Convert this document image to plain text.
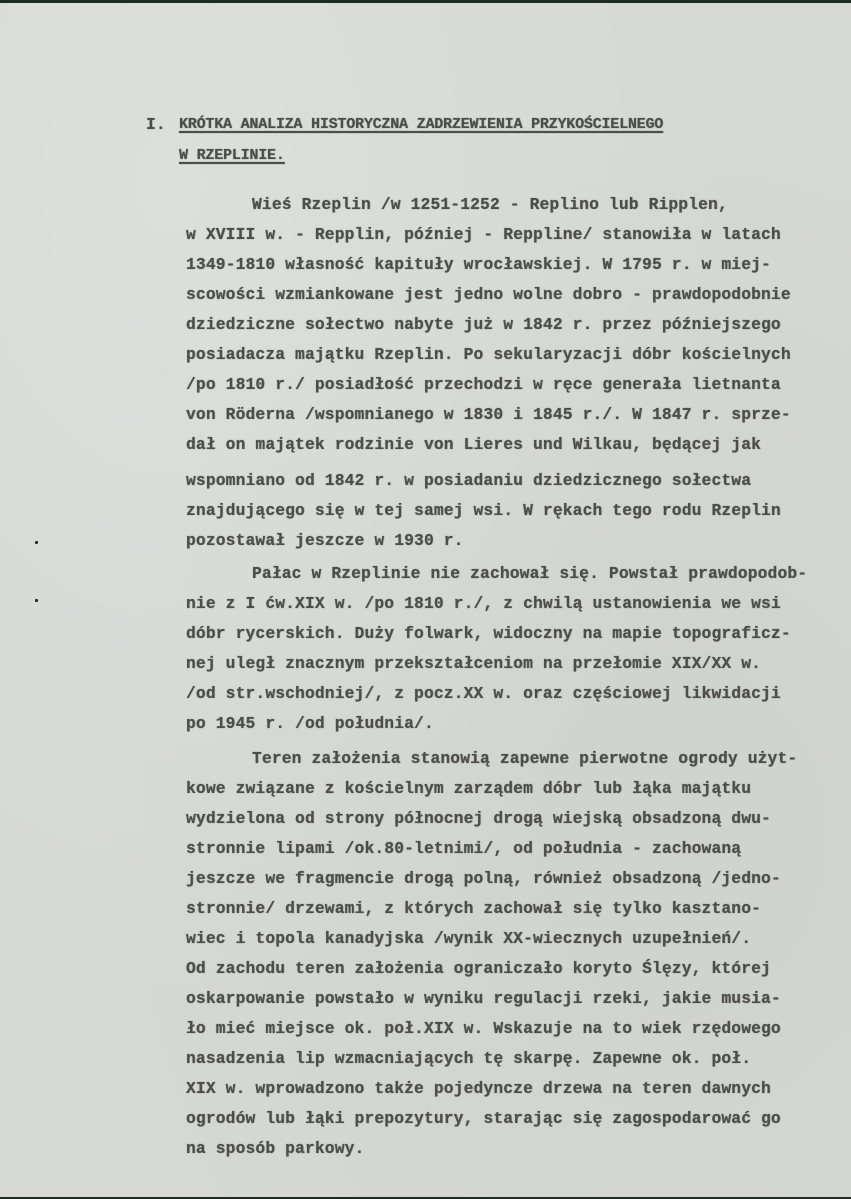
I. KRÓTKA ANALIZA HISTORYCZNA ZADRZEWIENIA PRZYKOŚCIELNEGO
W RZEPLINIE.
Wieś Rzeplin /w 1251-1252 - Replino lub Ripplen,
w XVIII w. - Repplin, później - Reppline/ stanowiła w latach
1349-1810 własność kapituły wrocławskiej. W 1795 r. w miej-
scowości wzmiankowane jest jedno wolne dobro - prawdopodobnie
dziedziczne sołectwo nabyte już w 1842 r. przez późniejszego
posiadacza majątku Rzeplin. Po sekularyzacji dóbr kościelnych
/po 1810 r./ posiadłość przechodzi w ręce generała lietnanta
von Rödernа /wspomnianego w 1830 i 1845 r./. W 1847 r. sprze-
dał on majątek rodzinie von Lieres und Wilkau, będącej jak
wspomniano od 1842 r. w posiadaniu dziedzicznego sołectwa
znajdującego się w tej samej wsi. W rękach tego rodu Rzeplin
pozostawał jeszcze w 1930 r.
Pałac w Rzeplinie nie zachował się. Powstał prawdopodob-
nie z I ćw.XIX w. /po 1810 r./, z chwilą ustanowienia we wsi
dóbr rycerskich. Duży folwark, widoczny na mapie topograficz-
nej uległ znacznym przekształceniom na przełomie XIX/XX w.
/od str.wschodniej/, z pocz.XX w. oraz częściowej likwidacji
po 1945 r. /od południa/.
Teren założenia stanowią zapewne pierwotne ogrody użyt-
kowe związane z kościelnym zarządem dóbr lub łąka majątku
wydzielona od strony północnej drogą wiejską obsadzoną dwu-
stronnie lipami /ok.80-letnimi/, od południa - zachowaną
jeszcze we fragmencie drogą polną, również obsadzoną /jedno-
stronnie/ drzewami, z których zachował się tylko kasztano-
wiec i topola kanadyjska /wynik XX-wiecznych uzupełnień/.
Od zachodu teren założenia ograniczało koryto Ślęzy, której
oskarpowanie powstało w wyniku regulacji rzeki, jakie musia-
ło mieć miejsce ok. poł.XIX w. Wskazuje na to wiek rzędowego
nasadzenia lip wzmacniających tę skarpę. Zapewne ok. poł.
XIX w. wprowadzono także pojedyncze drzewa na teren dawnych
ogrodów lub łąki prepozytury, starając się zagospodarować go
na sposób parkowy.
